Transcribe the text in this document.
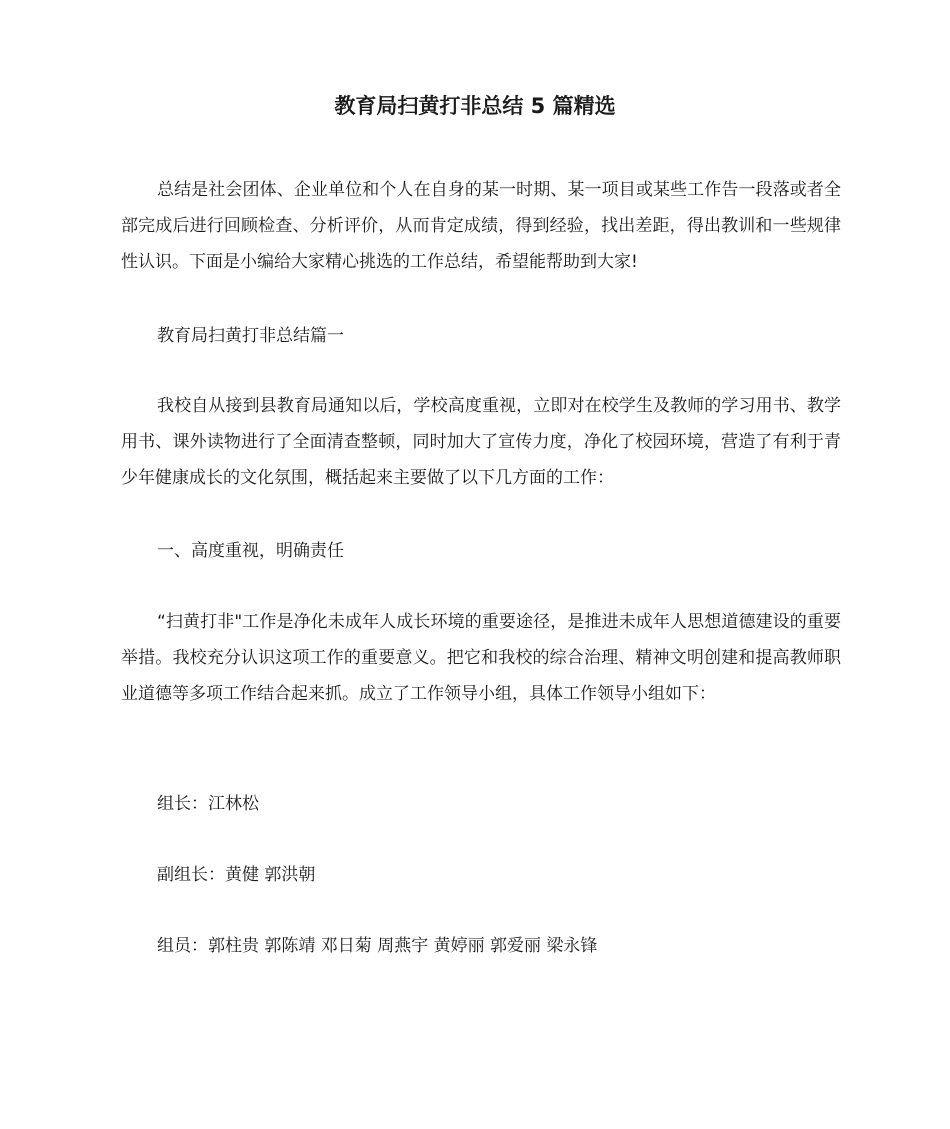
教育局扫黄打非总结 5 篇精选

总结是社会团体、企业单位和个人在自身的某一时期、某一项目或某些工作告一段落或者全部完成后进行回顾检查、分析评价，从而肯定成绩，得到经验，找出差距，得出教训和一些规律性认识。下面是小编给大家精心挑选的工作总结，希望能帮助到大家!

教育局扫黄打非总结篇一

我校自从接到县教育局通知以后，学校高度重视，立即对在校学生及教师的学习用书、教学用书、课外读物进行了全面清查整顿，同时加大了宣传力度，净化了校园环境，营造了有利于青少年健康成长的文化氛围，概括起来主要做了以下几方面的工作：

一、高度重视，明确责任

“扫黄打非"工作是净化未成年人成长环境的重要途径，是推进未成年人思想道德建设的重要举措。我校充分认识这项工作的重要意义。把它和我校的综合治理、精神文明创建和提高教师职业道德等多项工作结合起来抓。成立了工作领导小组，具体工作领导小组如下：

组长：江林松

副组长：黄健 郭洪朝

组员：郭柱贵 郭陈靖 邓日菊 周燕宇 黄婷丽 郭爱丽 梁永锋
